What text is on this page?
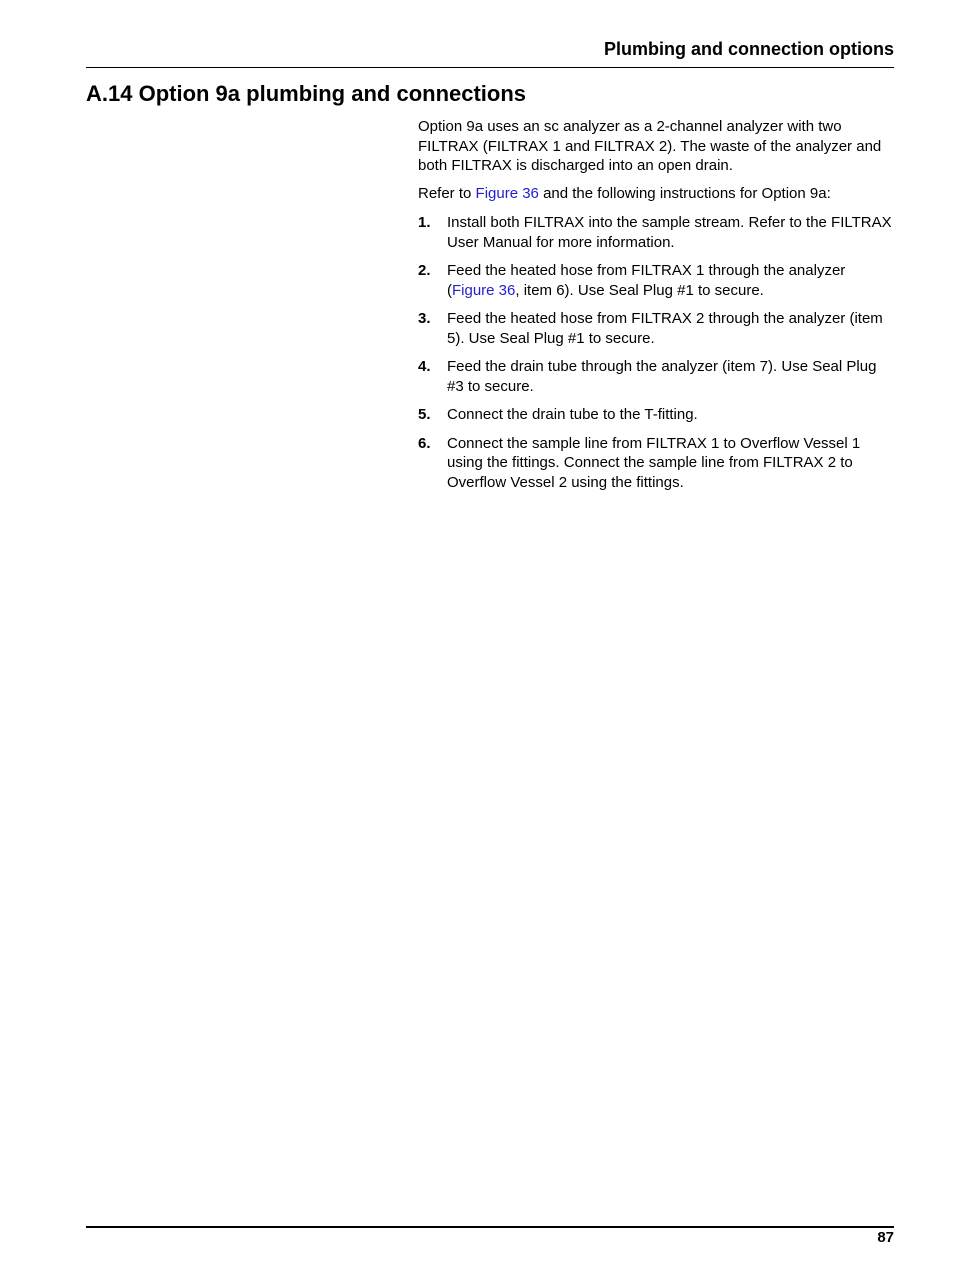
Plumbing and connection options
A.14 Option 9a plumbing and connections

Option 9a uses an sc analyzer as a 2-channel analyzer with two FILTRAX (FILTRAX 1 and FILTRAX 2). The waste of the analyzer and both FILTRAX is discharged into an open drain.

Refer to Figure 36 and the following instructions for Option 9a:

1. Install both FILTRAX into the sample stream. Refer to the FILTRAX User Manual for more information.
2. Feed the heated hose from FILTRAX 1 through the analyzer (Figure 36, item 6). Use Seal Plug #1 to secure.
3. Feed the heated hose from FILTRAX 2 through the analyzer (item 5). Use Seal Plug #1 to secure.
4. Feed the drain tube through the analyzer (item 7). Use Seal Plug #3 to secure.
5. Connect the drain tube to the T-fitting.
6. Connect the sample line from FILTRAX 1 to Overflow Vessel 1 using the fittings. Connect the sample line from FILTRAX 2 to Overflow Vessel 2 using the fittings.
87
